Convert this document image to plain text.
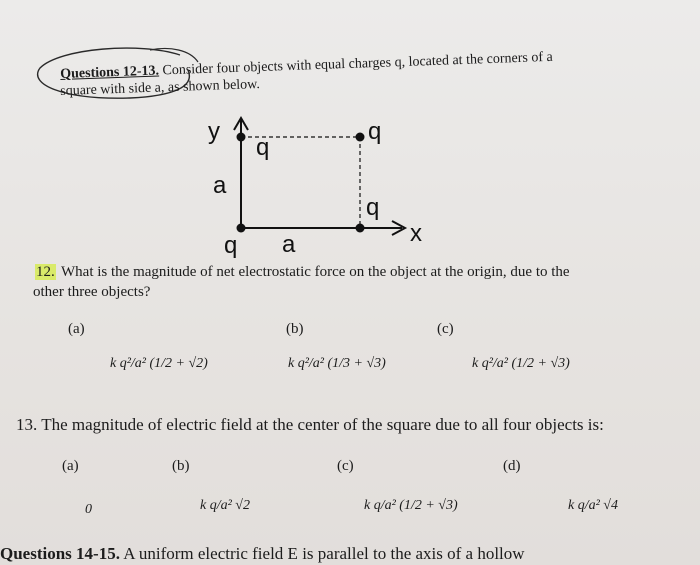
Questions 12-13. Consider four objects with equal charges q, located at the corners of a
square with side a, as shown below.
y
x
q
q
q
q
a
a
12. What is the magnitude of net electrostatic force on the object at the origin, due to the
other three objects?
(a)	(b)	(c)
k q²/a² (1/2 + √2)	k q²/a² (1/3 + √3)	k q²/a² (1/2 + √3)
13. The magnitude of electric field at the center of the square due to all four objects is:
(a)	(b)	(c)	(d)
0	k q/a² √2	k q/a² (1/2 + √3)	k q/a² √4
Questions 14-15. A uniform electric field E is parallel to the axis of a hollow
